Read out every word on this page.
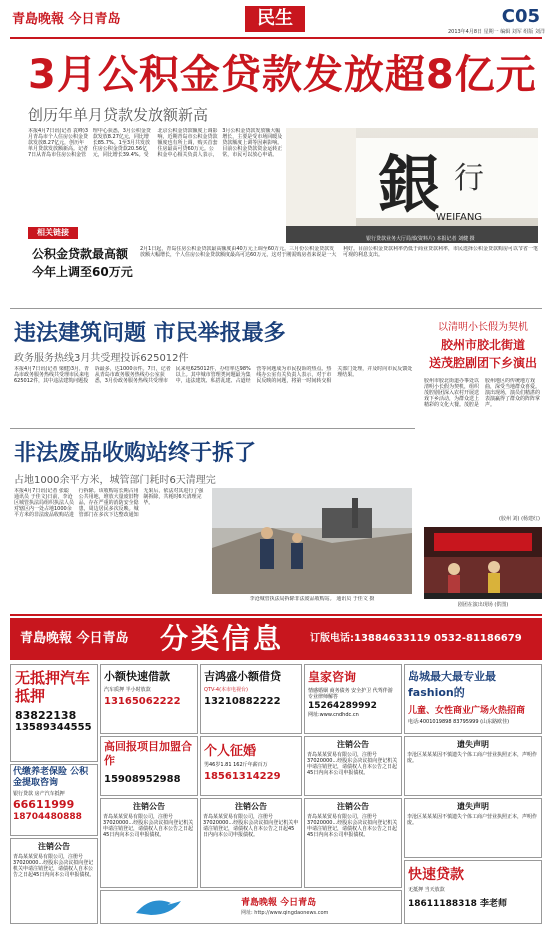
青島晚報 今日青岛	民生	C05
2013年4月8日 星期一 编辑 刘军 组版 刘洋
3月公积金贷款发放超8亿元
创历年单月贷款发放额新高
本报4月7日讯(记者 袁峰)3月青岛市个人住房公积金贷款发放8.27亿元，创历年单月贷款发放额新高。记者7日从青岛市住房公积金管理中心获悉，3月公积金贷款发放8.27亿元，同比增长85.7%。1至3月共发放住房公积金贷款20.56亿元，同比增长39.4%。受北京公积金贷款额度上调影响，近期青岛市公积金贷款额度也有所上调，购买首套住房最高可贷60万元。公积金中心相关负责人表示，3月公积金贷款发放额大幅增长，主要是受市场回暖及贷款额度上调等因素影响。目前公积金贷款资金运转正常，市民可以放心申请。 銀 行
WEIFANG
银行贷款业务大厅局部(资料片) 本报记者 刘健 摄
相关链接
公积金贷款最高额
今年上调至60万元
2月1日起，青岛住房公积金贷款最高额度由40万元上调至60万元。三月份公积金贷款发放额大幅增长，个人住房公积金贷款额度最高可达60万元，这对于刚需购房者来说是一大利好。目前公积金贷款利率仍低于商业贷款利率，市民选择公积金贷款购房可以节省一笔可观的利息支出。
违法建筑问题 市民举报最多
政务服务热线3月共受理投诉625012件
本报4月7日讯(记者 梁健)3月，青岛市政务服务热线共受理市民来电625012件，其中违法建筑问题投诉最多，达1000余件。7日，记者从青岛市政务服务热线办公室获悉，3月份政务服务热线共受理市民来电625012件，办结率达98%以上。其中城市管理类问题最为集中，违法建筑、私搭乱建、占道经营等问题成为市民投诉的热点。热线办公室有关负责人表示，对于市民反映的问题，将第一时间转交相关部门处理，并及时向市民反馈处理结果。
以清明小长假为契机
胶州市胶北街道
送茂腔剧团下乡演出
胶州市胶北街道办事处以清明小长假为契机，组织茂腔剧团深入农村开展送戏下乡活动，为群众送上精彩的文化大餐。茂腔是胶州地区的传统地方戏曲，深受当地群众喜爱。演出现场，演员们精湛的表演赢得了群众的阵阵掌声。
(胶州 刘) (杨建红)
剧团在演出现场 (供图)
非法废品收购站终于拆了
占地1000余平方米，城管部门耗时6天清理完
本报4月7日讯(记者 张聪 通讯员 于佳文)日前，李沧区城管执法局组织执法人员对辖区内一处占地1000余平方米的非法废品收购站进行拆除。该收购站长期占用公共用地，堆放大量废旧物品，存在严重的消防安全隐患，周边居民多次反映。城管部门在多次下达整改通知无果后，依法对其进行了强制拆除，共耗时6天清理完毕。
李沧城管执法局拆除非法废品收购站。 通讯员 于佳文 摄
青島晚報 今日青岛 分类信息	订版电话:13884633119 0532-81186679
无抵押汽车抵押
83822138
13589344555
小额快速借款
汽车质押 半小时放款
13165062222
吉鸿盛小额借贷
QTV-4(本市电视台)
13210882222
皇家咨询
情感婚姻 商务债务 安全护卫 代驾伴游 专业律师解答
15264289992
网址:www.cndhdc.cn
岛城最大最专业最fashion的
儿童、女性商业广场火热招商
电话:4001019898 83795999 (山东路欧佳)
代缴养老保险 公积金提取咨询
银行贷款 房产汽车抵押
66611999
18704480888
高回报项目加盟合作
15908952988
个人征婚
男46岁1.81 162斤年薪百万
18561314229
注销公告
青岛某某贸易有限公司，注册号37020000...经股东会决议拟向登记机关申请注销登记，请债权人自本公告之日起45日内向本公司申报债权。
遗失声明
李沧区某某某因不慎遗失个体工商户营业执照正本，声明作废。
注销公告
青岛某某贸易有限公司，注册号37020000...经股东会决议拟向登记机关申请注销登记，请债权人自本公告之日起45日内向本公司申报债权。
注销公告
青岛某某贸易有限公司，注册号37020000...经股东会决议拟向登记机关申请注销登记，请债权人自本公告之日起45日内向本公司申报债权。
注销公告
青岛某某贸易有限公司，注册号37020000...经股东会决议拟向登记机关申请注销登记，请债权人自本公告之日起45日内向本公司申报债权。
遗失声明
李沧区某某某因不慎遗失个体工商户营业执照正本，声明作废。
注销公告
青岛某某贸易有限公司，注册号37020000...经股东会决议拟向登记机关申请注销登记，请债权人自本公告之日起45日内向本公司申报债权。
青島晚報 今日青岛
网址: http://www.qingdaonews.com
快速贷款
无抵押 当天放款
18611188318 李老师
